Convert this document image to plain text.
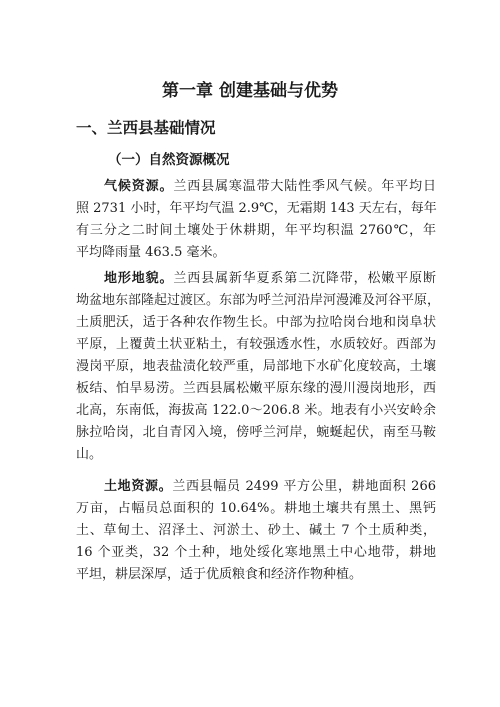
第一章 创建基础与优势
一、兰西县基础情况
（一）自然资源概况

气候资源。兰西县属寒温带大陆性季风气候。年平均日

照 2731 小时，年平均气温 2.9℃，无霜期 143 天左右，每年

有三分之二时间土壤处于休耕期，年平均积温 2760℃，年

平均降雨量 463.5 毫米。

地形地貌。兰西县属新华夏系第二沉降带，松嫩平原断

坳盆地东部隆起过渡区。东部为呼兰河沿岸河漫滩及河谷平原，

土质肥沃，适于各种农作物生长。中部为拉哈岗台地和岗阜状

平原，上覆黄土状亚粘土，有较强透水性，水质较好。西部为

漫岗平原，地表盐渍化较严重，局部地下水矿化度较高，土壤

板结、怕旱易涝。兰西县属松嫩平原东缘的漫川漫岗地形，西

北高，东南低，海拔高 122.0～206.8 米。地表有小兴安岭余

脉拉哈岗，北自青冈入境，傍呼兰河岸，蜿蜒起伏，南至马鞍

山。

土地资源。兰西县幅员 2499 平方公里，耕地面积 266

万亩，占幅员总面积的 10.64%。耕地土壤共有黑土、黑钙

土、草甸土、沼泽土、河淤土、砂土、碱土 7 个土质种类，

16 个亚类，32 个土种，地处绥化寒地黑土中心地带，耕地

平坦，耕层深厚，适于优质粮食和经济作物种植。
